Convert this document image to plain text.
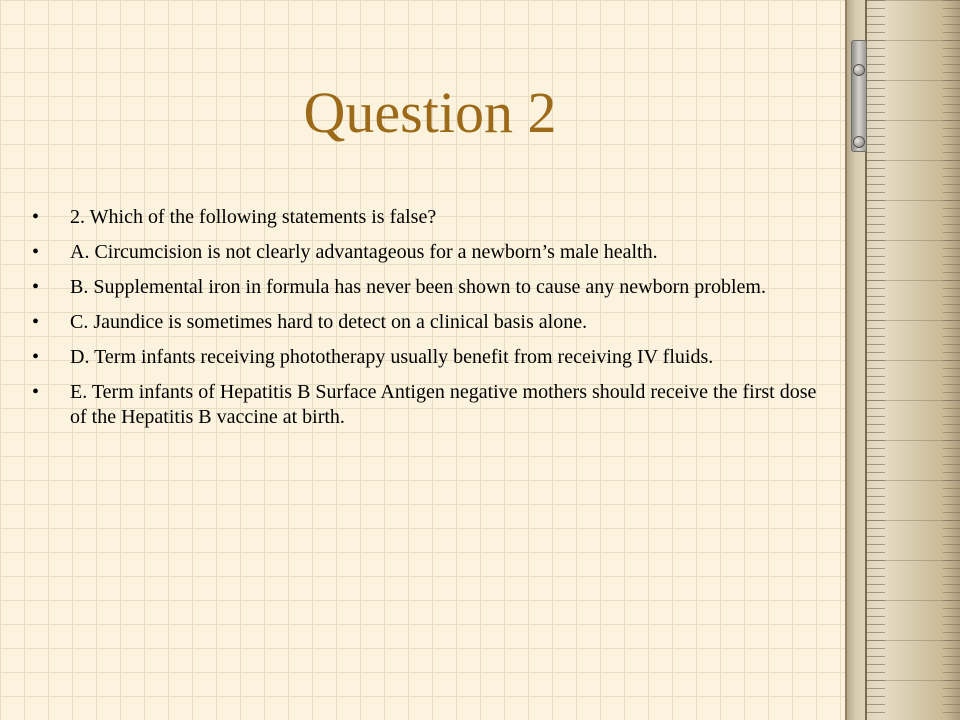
Question 2
• 2. Which of the following statements is false?
• A. Circumcision is not clearly advantageous for a newborn’s male health.
• B. Supplemental iron in formula has never been shown to cause any newborn problem.
• C. Jaundice is sometimes hard to detect on a clinical basis alone.
• D. Term infants receiving phototherapy usually benefit from receiving IV fluids.
• E. Term infants of Hepatitis B Surface Antigen negative mothers should receive the first dose of the Hepatitis B vaccine at birth.
